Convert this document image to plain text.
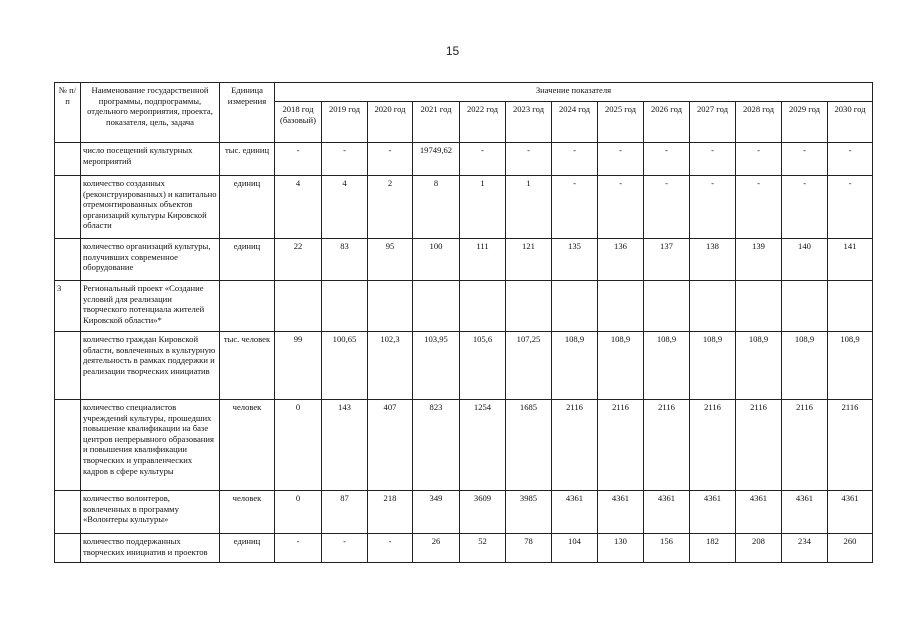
15
№ п/п	Наименование государственной программы, подпрограммы, отдельного мероприятия, проекта, показателя, цель, задача	Единица измерения	Значение показателя												
			2018 год (базовый)	2019 год	2020 год	2021 год	2022 год	2023 год	2024 год	2025 год	2026 год	2027 год	2028 год	2029 год	2030 год
	число посещений культурных мероприятий	тыс. единиц	-	-	-	19749,62	-	-	-	-	-	-	-	-	-
	количество созданных (реконструированных) и капитально отремонтированных объектов организаций культуры Кировской области	единиц	4	4	2	8	1	1	-	-	-	-	-	-	-
	количество организаций культуры, получивших современное оборудование	единиц	22	83	95	100	111	121	135	136	137	138	139	140	141
3	Региональный проект «Создание условий для реализации творческого потенциала жителей Кировской области»*														
	количество граждан Кировской области, вовлеченных в культурную деятельность в рамках поддержки и реализации творческих инициатив	тыс. человек	99	100,65	102,3	103,95	105,6	107,25	108,9	108,9	108,9	108,9	108,9	108,9	108,9
	количество специалистов учреждений культуры, прошедших повышение квалификации на базе центров непрерывного образования и повышения квалификации творческих и управленческих кадров в сфере культуры	человек	0	143	407	823	1254	1685	2116	2116	2116	2116	2116	2116	2116
	количество волонтеров, вовлеченных в программу «Волонтеры культуры»	человек	0	87	218	349	3609	3985	4361	4361	4361	4361	4361	4361	4361
	количество поддержанных творческих инициатив и проектов	единиц	-	-	-	26	52	78	104	130	156	182	208	234	260
